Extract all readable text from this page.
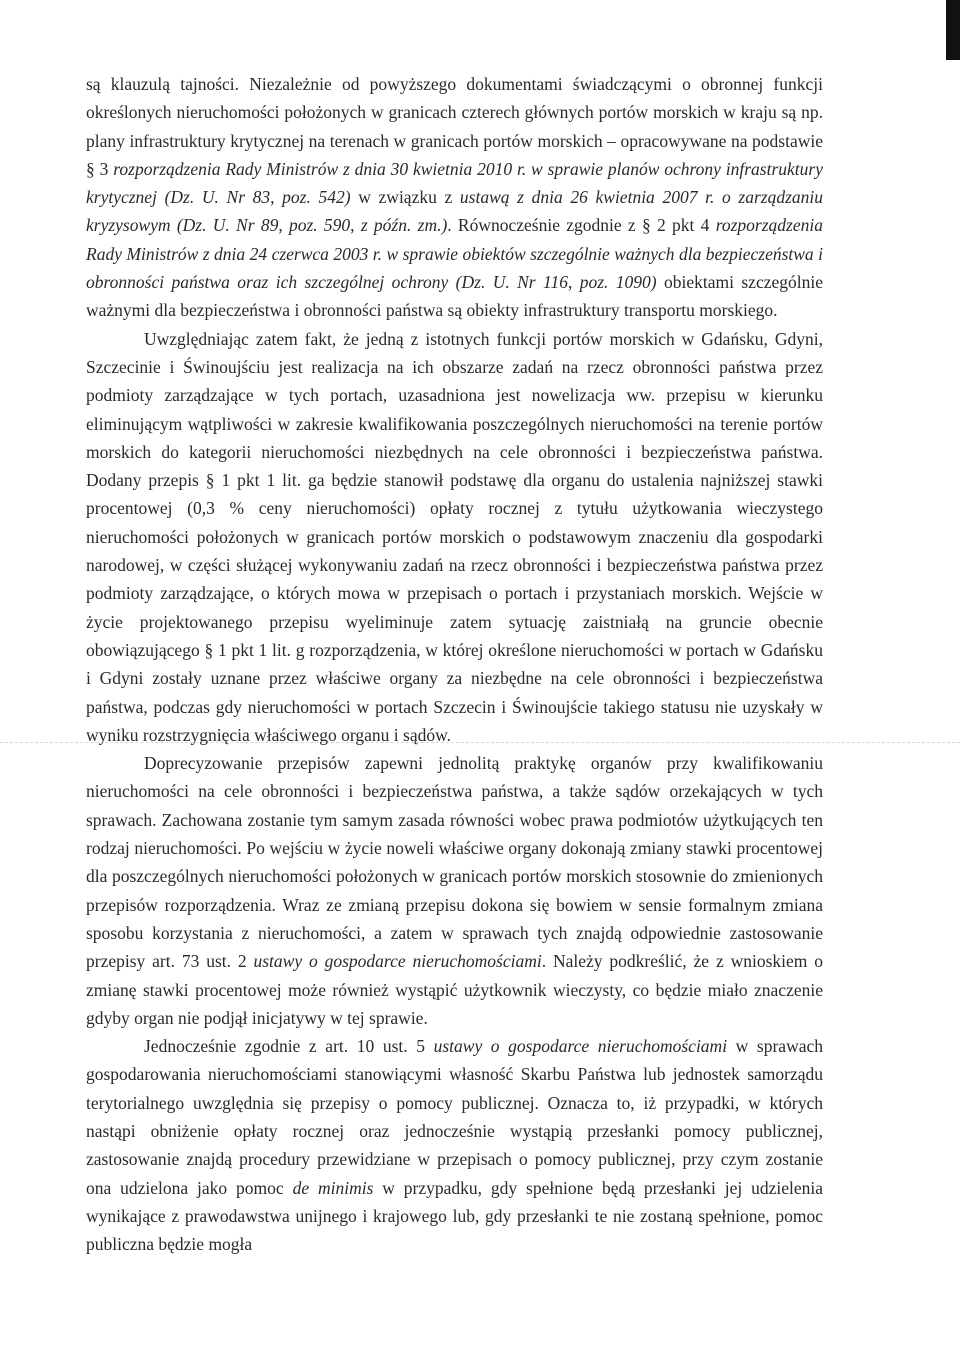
są klauzulą tajności. Niezależnie od powyższego dokumentami świadczącymi o obronnej funkcji określonych nieruchomości położonych w granicach czterech głównych portów morskich w kraju są np. plany infrastruktury krytycznej na terenach w granicach portów morskich – opracowywane na podstawie § 3 rozporządzenia Rady Ministrów z dnia 30 kwietnia 2010 r. w sprawie planów ochrony infrastruktury krytycznej (Dz. U. Nr 83, poz. 542) w związku z ustawą z dnia 26 kwietnia 2007 r. o zarządzaniu kryzysowym (Dz. U. Nr 89, poz. 590, z późn. zm.). Równocześnie zgodnie z § 2 pkt 4 rozporządzenia Rady Ministrów z dnia 24 czerwca 2003 r. w sprawie obiektów szczególnie ważnych dla bezpieczeństwa i obronności państwa oraz ich szczególnej ochrony (Dz. U. Nr 116, poz. 1090) obiektami szczególnie ważnymi dla bezpieczeństwa i obronności państwa są obiekty infrastruktury transportu morskiego.

Uwzględniając zatem fakt, że jedną z istotnych funkcji portów morskich w Gdańsku, Gdyni, Szczecinie i Świnoujściu jest realizacja na ich obszarze zadań na rzecz obronności państwa przez podmioty zarządzające w tych portach, uzasadniona jest nowelizacja ww. przepisu w kierunku eliminującym wątpliwości w zakresie kwalifikowania poszczególnych nieruchomości na terenie portów morskich do kategorii nieruchomości niezbędnych na cele obronności i bezpieczeństwa państwa. Dodany przepis § 1 pkt 1 lit. ga będzie stanowił podstawę dla organu do ustalenia najniższej stawki procentowej (0,3 % ceny nieruchomości) opłaty rocznej z tytułu użytkowania wieczystego nieruchomości położonych w granicach portów morskich o podstawowym znaczeniu dla gospodarki narodowej, w części służącej wykonywaniu zadań na rzecz obronności i bezpieczeństwa państwa przez podmioty zarządzające, o których mowa w przepisach o portach i przystaniach morskich. Wejście w życie projektowanego przepisu wyeliminuje zatem sytuację zaistniałą na gruncie obecnie obowiązującego § 1 pkt 1 lit. g rozporządzenia, w której określone nieruchomości w portach w Gdańsku i Gdyni zostały uznane przez właściwe organy za niezbędne na cele obronności i bezpieczeństwa państwa, podczas gdy nieruchomości w portach Szczecin i Świnoujście takiego statusu nie uzyskały w wyniku rozstrzygnięcia właściwego organu i sądów.

Doprecyzowanie przepisów zapewni jednolitą praktykę organów przy kwalifikowaniu nieruchomości na cele obronności i bezpieczeństwa państwa, a także sądów orzekających w tych sprawach. Zachowana zostanie tym samym zasada równości wobec prawa podmiotów użytkujących ten rodzaj nieruchomości. Po wejściu w życie noweli właściwe organy dokonają zmiany stawki procentowej dla poszczególnych nieruchomości położonych w granicach portów morskich stosownie do zmienionych przepisów rozporządzenia. Wraz ze zmianą przepisu dokona się bowiem w sensie formalnym zmiana sposobu korzystania z nieruchomości, a zatem w sprawach tych znajdą odpowiednie zastosowanie przepisy art. 73 ust. 2 ustawy o gospodarce nieruchomościami. Należy podkreślić, że z wnioskiem o zmianę stawki procentowej może również wystąpić użytkownik wieczysty, co będzie miało znaczenie gdyby organ nie podjął inicjatywy w tej sprawie.

Jednocześnie zgodnie z art. 10 ust. 5 ustawy o gospodarce nieruchomościami w sprawach gospodarowania nieruchomościami stanowiącymi własność Skarbu Państwa lub jednostek samorządu terytorialnego uwzględnia się przepisy o pomocy publicznej. Oznacza to, iż przypadki, w których nastąpi obniżenie opłaty rocznej oraz jednocześnie wystąpią przesłanki pomocy publicznej, zastosowanie znajdą procedury przewidziane w przepisach o pomocy publicznej, przy czym zostanie ona udzielona jako pomoc de minimis w przypadku, gdy spełnione będą przesłanki jej udzielenia wynikające z prawodawstwa unijnego i krajowego lub, gdy przesłanki te nie zostaną spełnione, pomoc publiczna będzie mogła
